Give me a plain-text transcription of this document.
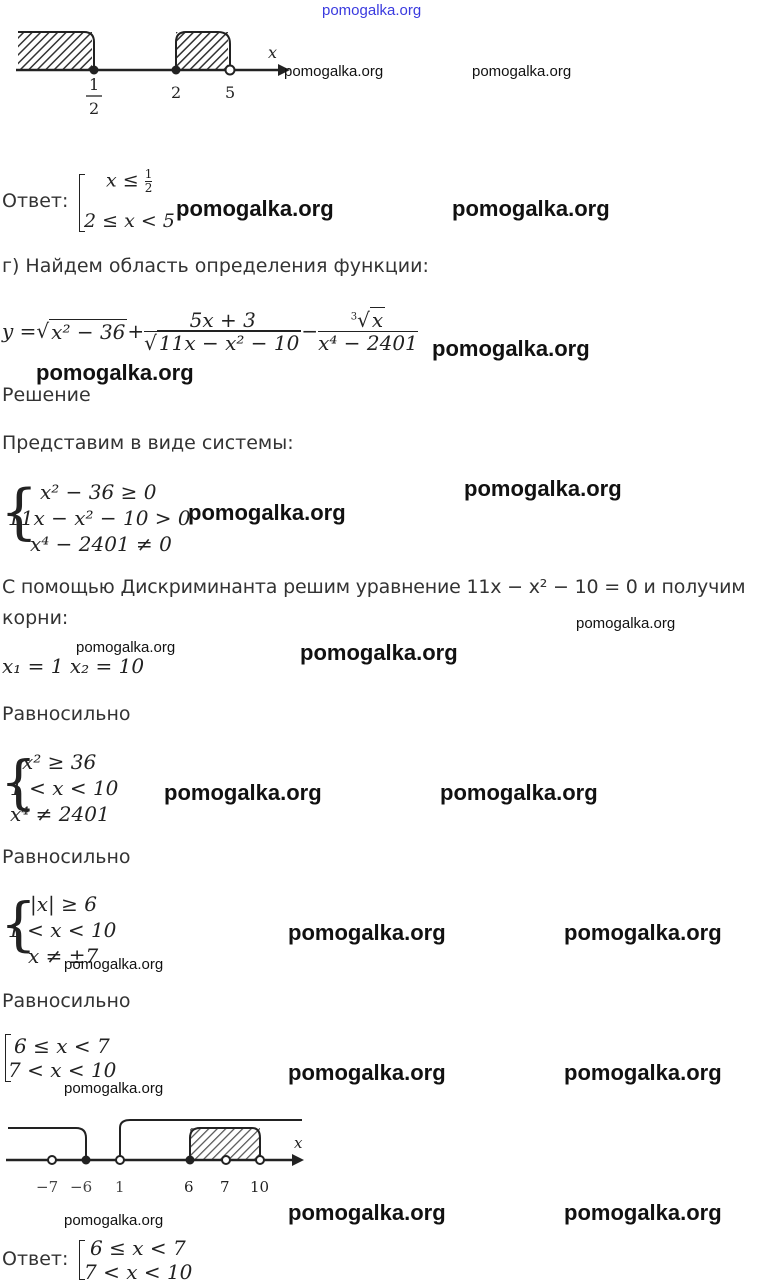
pomogalka.org
x
1
2
2	5
pomogalka.org	pomogalka.org
Ответ:
$x \le \frac{1}{2}$
2 ≤ x < 5 pomogalka.org	pomogalka.org
г) Найдем область определения функции:
y = √ $x^2 - 36 + \frac{5x + 3}{\text{√ 11x − x² − 10}} - \frac{^3√ x}{\text{x⁴ − 2401}}$ pomogalka.org
pomogalka.org
Решение
Представим в виде системы:
{ x² − 36 ≥ 0
11x − x² − 10 > 0
x⁴ − 2401 ≠ 0
pomogalka.org
pomogalka.org
С помощью Дискриминанта решим уравнение 11x − x² − 10 = 0 и получим
корни:	pomogalka.org
pomogalka.org
x₁ = 1 x₂ = 10
pomogalka.org
Равносильно
{
x² ≥ 36
1 < x < 10
x⁴ ≠ 2401
pomogalka.org	pomogalka.org
Равносильно
{
|x| ≥ 6
1 < x < 10
x ≠ ±7
pomogalka.org	pomogalka.org
pomogalka.org
Равносильно
6 ≤ x < 7
7 < x < 10	pomogalka.org	pomogalka.org
pomogalka.org
x
−7 −6 1	6 7 10
pomogalka.org	pomogalka.org
pomogalka.org
Ответ: 6 ≤ x < 7
7 < x < 10
